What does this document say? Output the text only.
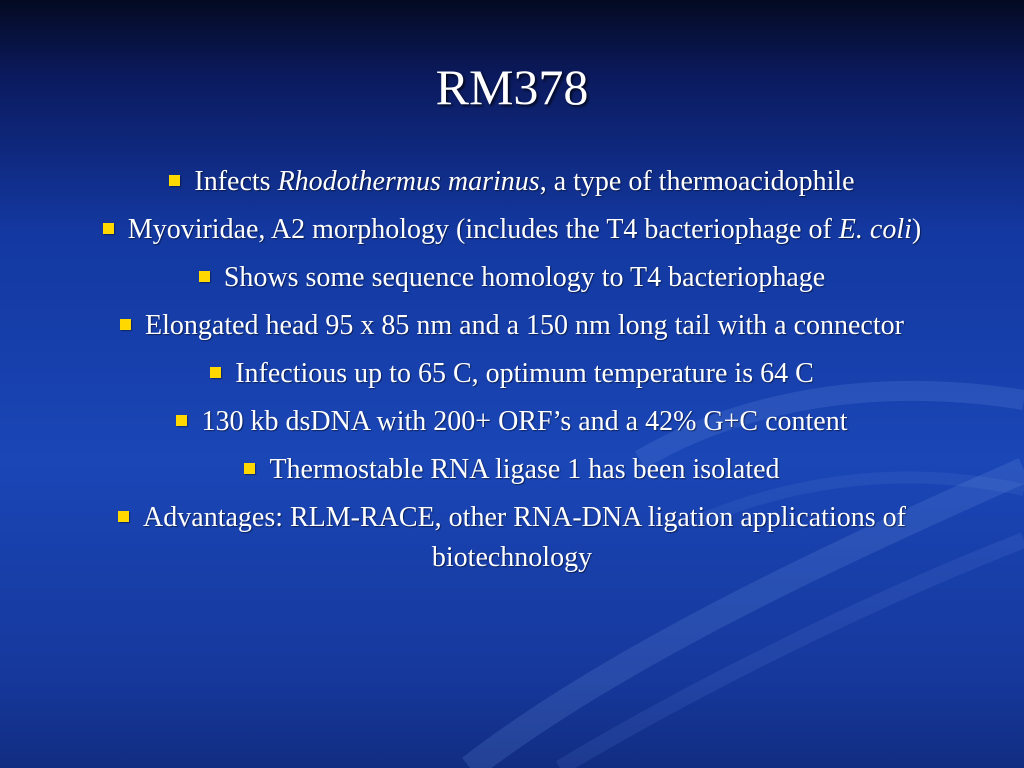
RM378
Infects Rhodothermus marinus, a type of thermoacidophile
Myoviridae, A2 morphology (includes the T4 bacteriophage of E. coli)
Shows some sequence homology to T4 bacteriophage
Elongated head 95 x 85 nm and a 150 nm long tail with a connector
Infectious up to 65 C, optimum temperature is 64 C
130 kb dsDNA with 200+ ORF’s and a 42% G+C content
Thermostable RNA ligase 1 has been isolated
Advantages: RLM-RACE, other RNA-DNA ligation applications of biotechnology
